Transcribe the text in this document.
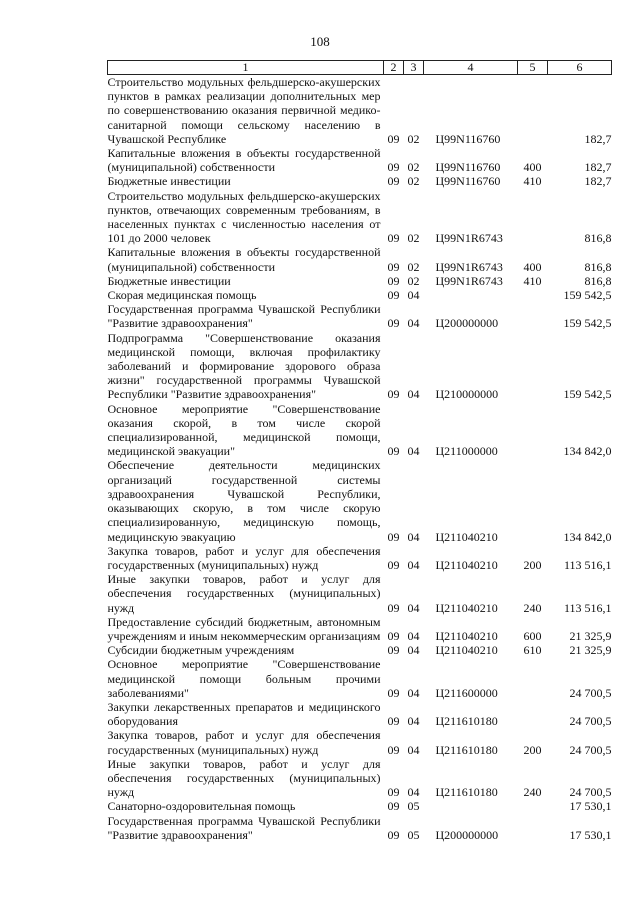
108
1	2	3	4	5	6
Строительство модульных фельдшерско-акушерских пунктов в рамках реализации дополнительных мер по совершенствованию оказания первичной медико-санитарной помощи сельскому населению в Чувашской Республике	09	02	Ц99N116760		182,7
Капитальные вложения в объекты государственной (муниципальной) собственности	09	02	Ц99N116760	400	182,7
Бюджетные инвестиции	09	02	Ц99N116760	410	182,7
Строительство модульных фельдшерско-акушерских пунктов, отвечающих современным требованиям, в населенных пунктах с численностью населения от 101 до 2000 человек	09	02	Ц99N1R6743		816,8
Капитальные вложения в объекты государственной (муниципальной) собственности	09	02	Ц99N1R6743	400	816,8
Бюджетные инвестиции	09	02	Ц99N1R6743	410	816,8
Скорая медицинская помощь	09	04			159 542,5
Государственная программа Чувашской Республики "Развитие здравоохранения"	09	04	Ц200000000		159 542,5
Подпрограмма "Совершенствование оказания медицинской помощи, включая профилактику заболеваний и формирование здорового образа жизни" государственной программы Чувашской Республики "Развитие здравоохранения"	09	04	Ц210000000		159 542,5
Основное мероприятие "Совершенствование оказания скорой, в том числе скорой специализированной, медицинской помощи, медицинской эвакуации"	09	04	Ц211000000		134 842,0
Обеспечение деятельности медицинских организаций государственной системы здравоохранения Чувашской Республики, оказывающих скорую, в том числе скорую специализированную, медицинскую помощь, медицинскую эвакуацию	09	04	Ц211040210		134 842,0
Закупка товаров, работ и услуг для обеспечения государственных (муниципальных) нужд	09	04	Ц211040210	200	113 516,1
Иные закупки товаров, работ и услуг для обеспечения государственных (муниципальных) нужд	09	04	Ц211040210	240	113 516,1
Предоставление субсидий бюджетным, автономным учреждениям и иным некоммерческим организациям	09	04	Ц211040210	600	21 325,9
Субсидии бюджетным учреждениям	09	04	Ц211040210	610	21 325,9
Основное мероприятие "Совершенствование медицинской помощи больным прочими заболеваниями"	09	04	Ц211600000		24 700,5
Закупки лекарственных препаратов и медицинского оборудования	09	04	Ц211610180		24 700,5
Закупка товаров, работ и услуг для обеспечения государственных (муниципальных) нужд	09	04	Ц211610180	200	24 700,5
Иные закупки товаров, работ и услуг для обеспечения государственных (муниципальных) нужд	09	04	Ц211610180	240	24 700,5
Санаторно-оздоровительная помощь	09	05			17 530,1
Государственная программа Чувашской Республики "Развитие здравоохранения"	09	05	Ц200000000		17 530,1
